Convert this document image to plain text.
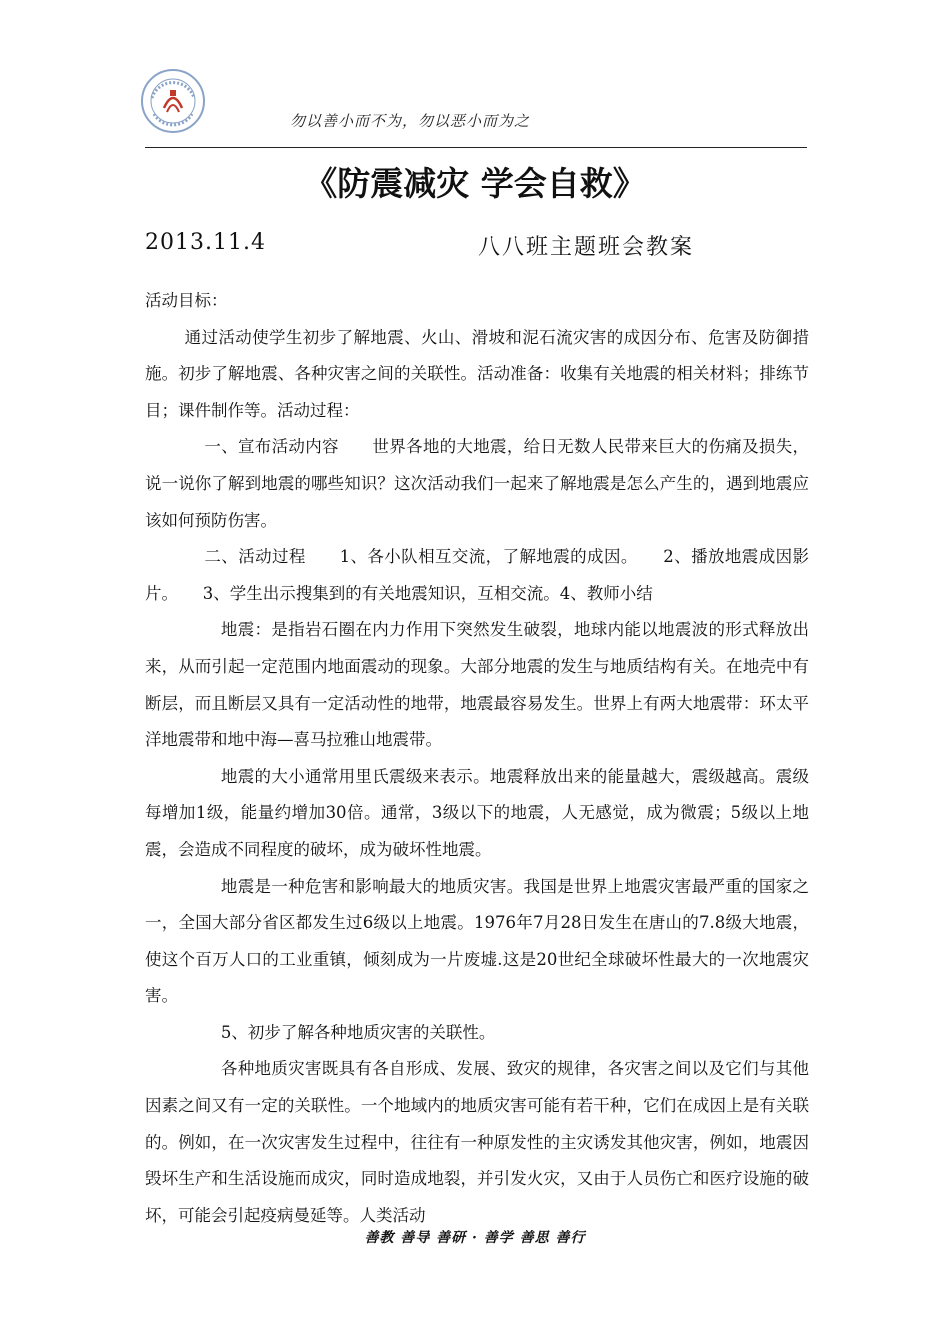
勿以善小而不为，勿以恶小而为之
《防震减灾 学会自救》
2013.11.4	八八班主题班会教案

活动目标：

通过活动使学生初步了解地震、火山、滑坡和泥石流灾害的成因分布、危害及防御措施。初步了解地震、各种灾害之间的关联性。活动准备：收集有关地震的相关材料；排练节目；课件制作等。活动过程：

一、宣布活动内容　　世界各地的大地震，给日无数人民带来巨大的伤痛及损失，说一说你了解到地震的哪些知识？这次活动我们一起来了解地震是怎么产生的，遇到地震应该如何预防伤害。

二、活动过程　　1、各小队相互交流，了解地震的成因。　　2、播放地震成因影片。　　3、学生出示搜集到的有关地震知识，互相交流。4、教师小结

地震：是指岩石圈在内力作用下突然发生破裂，地球内能以地震波的形式释放出来，从而引起一定范围内地面震动的现象。大部分地震的发生与地质结构有关。在地壳中有断层，而且断层又具有一定活动性的地带，地震最容易发生。世界上有两大地震带：环太平洋地震带和地中海—喜马拉雅山地震带。

地震的大小通常用里氏震级来表示。地震释放出来的能量越大，震级越高。震级每增加1级，能量约增加30倍。通常，3级以下的地震，人无感觉，成为微震；5级以上地震，会造成不同程度的破坏，成为破坏性地震。

地震是一种危害和影响最大的地质灾害。我国是世界上地震灾害最严重的国家之一，全国大部分省区都发生过6级以上地震。1976年7月28日发生在唐山的7.8级大地震，使这个百万人口的工业重镇，倾刻成为一片废墟.这是20世纪全球破坏性最大的一次地震灾害。

5、初步了解各种地质灾害的关联性。

各种地质灾害既具有各自形成、发展、致灾的规律，各灾害之间以及它们与其他因素之间又有一定的关联性。一个地域内的地质灾害可能有若干种，它们在成因上是有关联的。例如，在一次灾害发生过程中，往往有一种原发性的主灾诱发其他灾害，例如，地震因毁坏生产和生活设施而成灾，同时造成地裂，并引发火灾，又由于人员伤亡和医疗设施的破坏，可能会引起疫病曼延等。人类活动

善教 善导 善研 · 善学 善思 善行
